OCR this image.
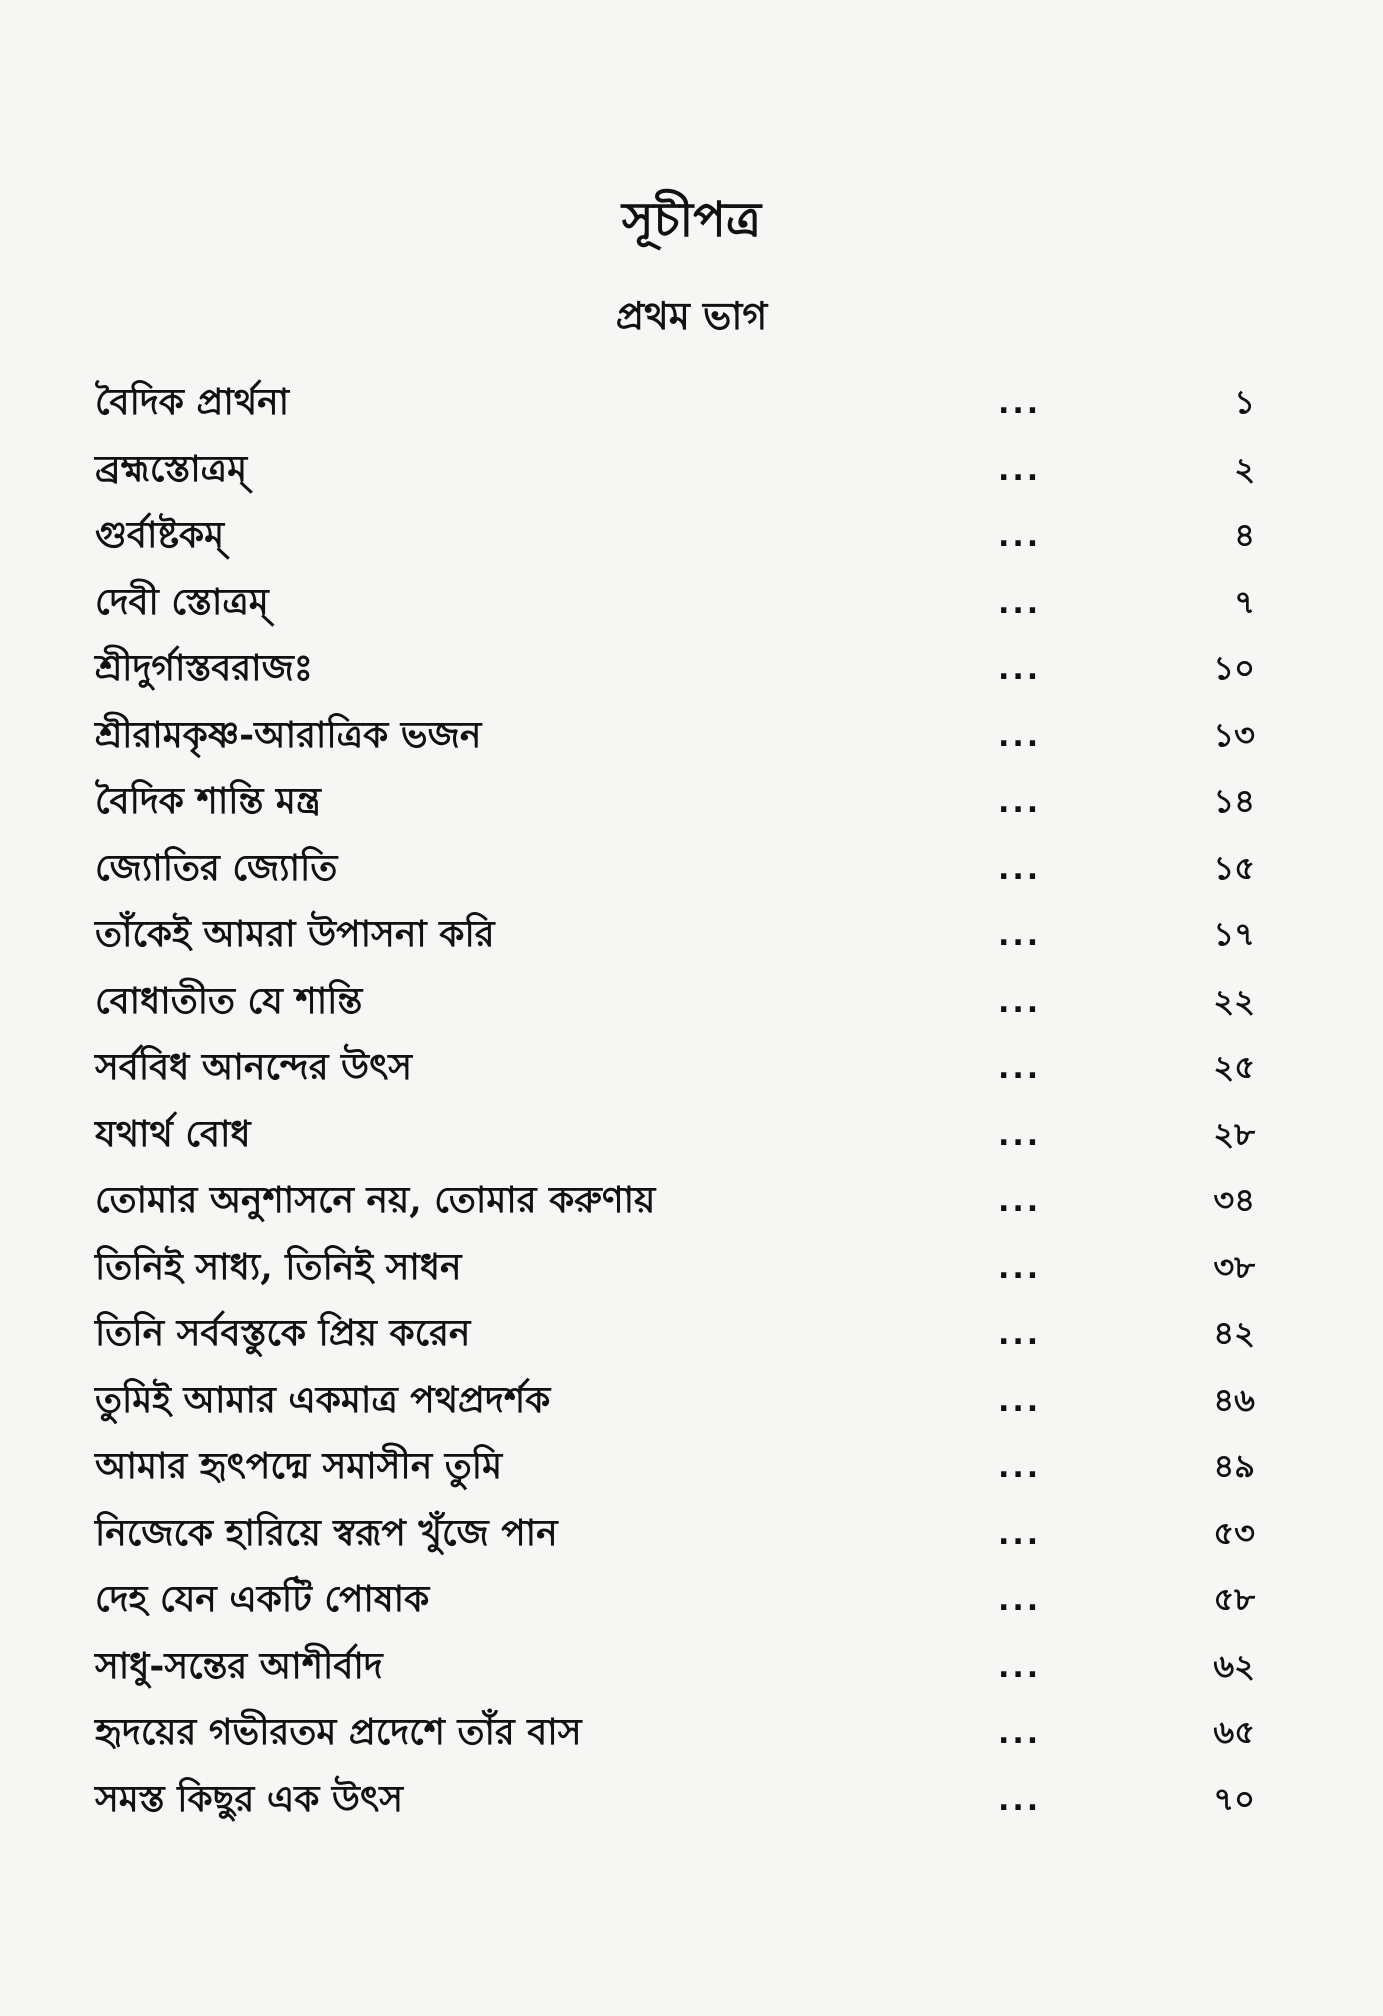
সূচীপত্র
প্রথম ভাগ
বৈদিক প্রার্থনা	...	১
ব্রহ্মস্তোত্রম্	...	২
গুর্বাষ্টকম্	...	৪
দেবী স্তোত্রম্	...	৭
শ্রীদুর্গাস্তবরাজঃ	...	১০
শ্রীরামকৃষ্ণ-আরাত্রিক ভজন	...	১৩
বৈদিক শান্তি মন্ত্র	...	১৪
জ্যোতির জ্যোতি	...	১৫
তাঁকেই আমরা উপাসনা করি	...	১৭
বোধাতীত যে শান্তি	...	২২
সর্ববিধ আনন্দের উৎস	...	২৫
যথার্থ বোধ	...	২৮
তোমার অনুশাসনে নয়, তোমার করুণায়	...	৩৪
তিনিই সাধ্য, তিনিই সাধন	...	৩৮
তিনি সর্ববস্তুকে প্রিয় করেন	...	৪২
তুমিই আমার একমাত্র পথপ্রদর্শক	...	৪৬
আমার হৃৎপদ্মে সমাসীন তুমি	...	৪৯
নিজেকে হারিয়ে স্বরূপ খুঁজে পান	...	৫৩
দেহ যেন একটি পোষাক	...	৫৮
সাধু-সন্তের আশীর্বাদ	...	৬২
হৃদয়ের গভীরতম প্রদেশে তাঁর বাস	...	৬৫
সমস্ত কিছুর এক উৎস	...	৭০
